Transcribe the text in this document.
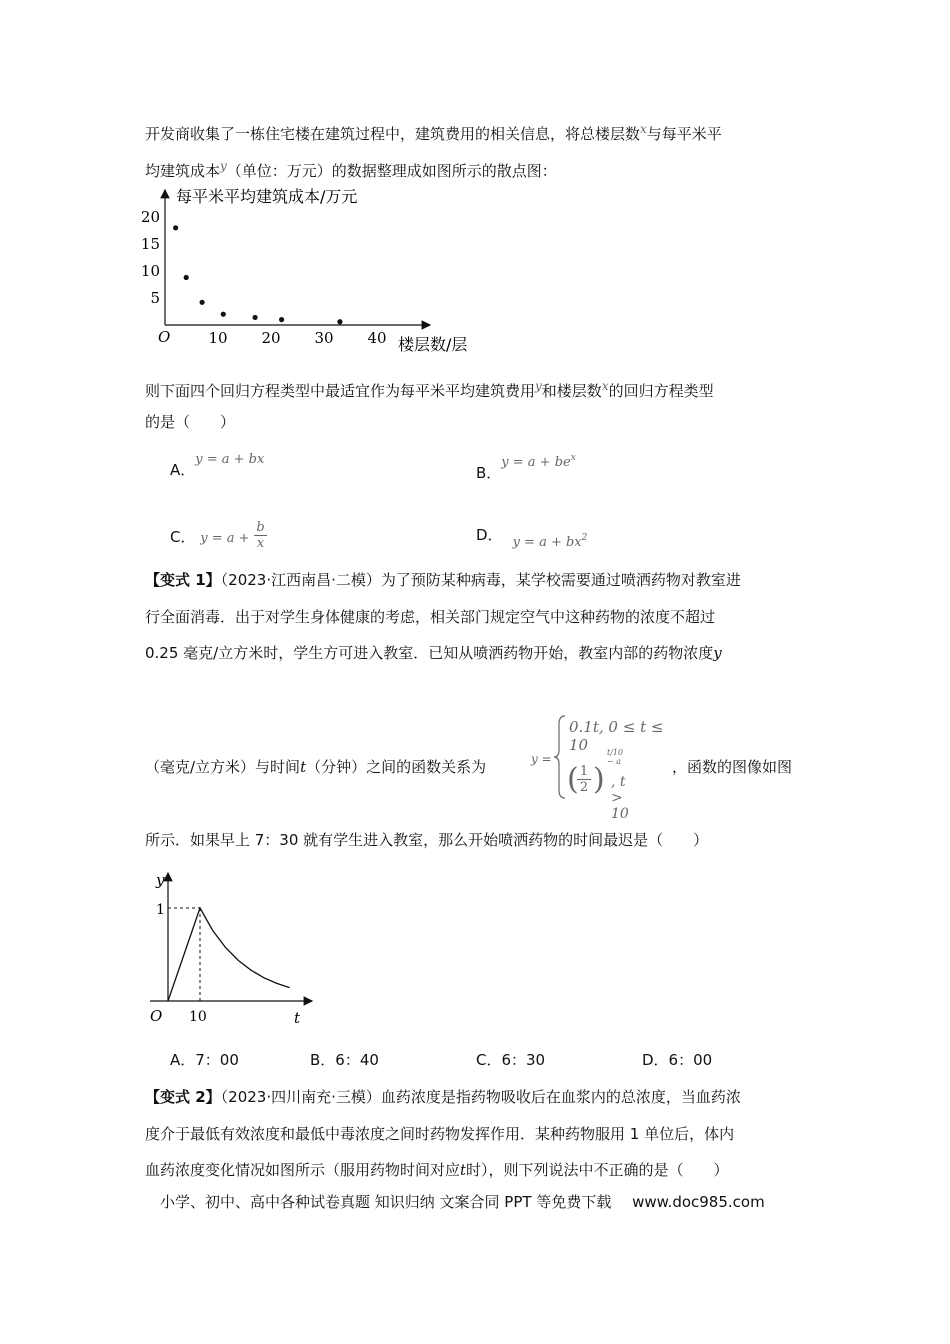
开发商收集了一栋住宅楼在建筑过程中，建筑费用的相关信息，将总楼层数$^x$与每平米平
均建筑成本$^y$（单位：万元）的数据整理成如图所示的散点图：
每平米平均建筑成本/万元
楼层数/层
O
5
10
15
20
10 20 30 40
则下面四个回归方程类型中最适宜作为每平米平均建筑费用$^y$和楼层数$^x$的回归方程类型
的是（　　）
A．y = a + bx
B．$y = a + be^x$
C． $y = a + \frac{b}{x}$	D． $y = a + bx^2$
【变式 1】（2023·江西南昌·二模）为了预防某种病毒，某学校需要通过喷洒药物对教室进
行全面消毒．出于对学生身体健康的考虑，相关部门规定空气中这种药物的浓度不超过
0.25 毫克/立方米时，学生方可进入教室．已知从喷洒药物开始，教室内部的药物浓度y
（毫克/立方米）与时间t（分钟）之间的函数关系为	y =
0.1t, 0 ≤ t ≤ 10
(
$\frac{1}{2}$ )
t/10 − a
, t > 10
，函数的图像如图
所示．如果早上 7：30 就有学生进入教室，那么开始喷洒药物的时间最迟是（　　）
y
t
O
1
10
A．7：00	B．6：40	C．6：30	D．6：00
【变式 2】（2023·四川南充·三模）血药浓度是指药物吸收后在血浆内的总浓度，当血药浓
度介于最低有效浓度和最低中毒浓度之间时药物发挥作用．某种药物服用 1 单位后，体内
血药浓度变化情况如图所示（服用药物时间对应t时），则下列说法中不正确的是（　　）
小学、初中、高中各种试卷真题 知识归纳 文案合同 PPT 等免费下载 www.doc985.com
